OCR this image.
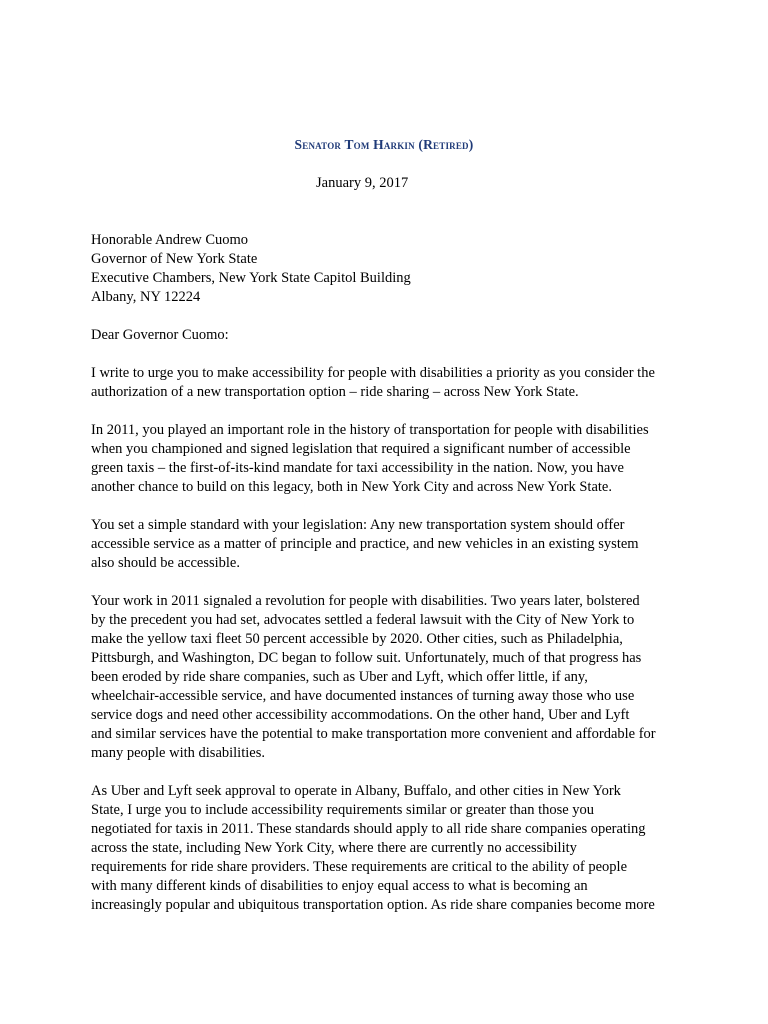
Senator Tom Harkin (Retired)
January 9, 2017
Honorable Andrew Cuomo
Governor of New York State
Executive Chambers, New York State Capitol Building
Albany, NY 12224
Dear Governor Cuomo:
I write to urge you to make accessibility for people with disabilities a priority as you consider the
authorization of a new transportation option – ride sharing – across New York State.
In 2011, you played an important role in the history of transportation for people with disabilities
when you championed and signed legislation that required a significant number of accessible
green taxis – the first-of-its-kind mandate for taxi accessibility in the nation. Now, you have
another chance to build on this legacy, both in New York City and across New York State.
You set a simple standard with your legislation: Any new transportation system should offer
accessible service as a matter of principle and practice, and new vehicles in an existing system
also should be accessible.
Your work in 2011 signaled a revolution for people with disabilities. Two years later, bolstered
by the precedent you had set, advocates settled a federal lawsuit with the City of New York to
make the yellow taxi fleet 50 percent accessible by 2020. Other cities, such as Philadelphia,
Pittsburgh, and Washington, DC began to follow suit. Unfortunately, much of that progress has
been eroded by ride share companies, such as Uber and Lyft, which offer little, if any,
wheelchair-accessible service, and have documented instances of turning away those who use
service dogs and need other accessibility accommodations. On the other hand, Uber and Lyft
and similar services have the potential to make transportation more convenient and affordable for
many people with disabilities.
As Uber and Lyft seek approval to operate in Albany, Buffalo, and other cities in New York
State, I urge you to include accessibility requirements similar or greater than those you
negotiated for taxis in 2011. These standards should apply to all ride share companies operating
across the state, including New York City, where there are currently no accessibility
requirements for ride share providers. These requirements are critical to the ability of people
with many different kinds of disabilities to enjoy equal access to what is becoming an
increasingly popular and ubiquitous transportation option. As ride share companies become more
